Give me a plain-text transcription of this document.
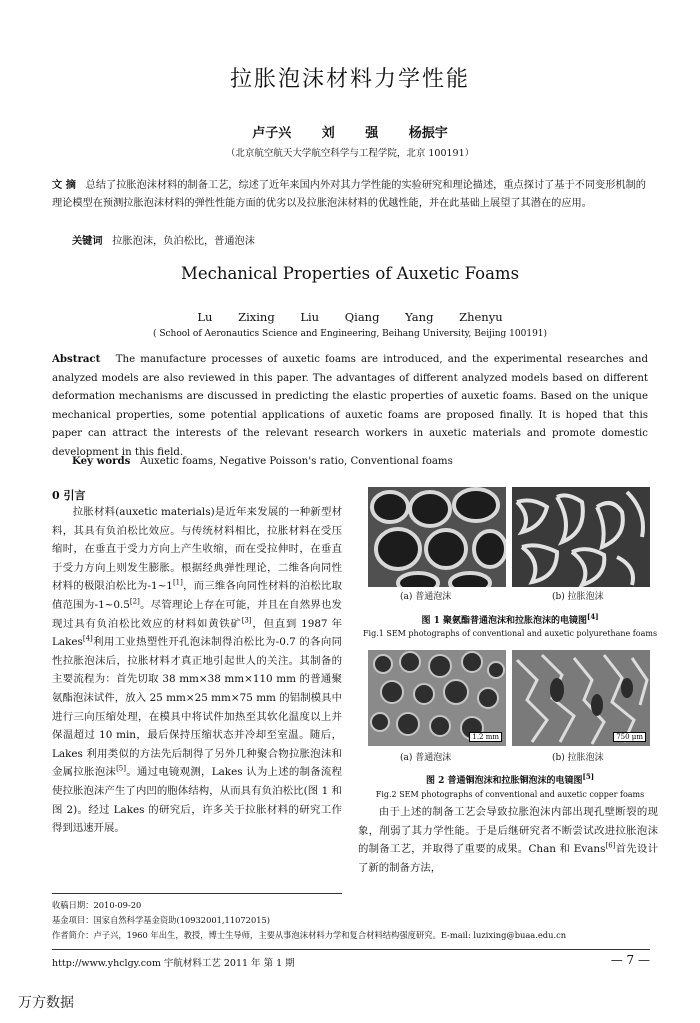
拉胀泡沫材料力学性能
卢子兴 刘 强 杨振宇
（北京航空航天大学航空科学与工程学院，北京 100191）
文 摘 总结了拉胀泡沫材料的制备工艺，综述了近年来国内外对其力学性能的实验研究和理论描述，重点探讨了基于不同变形机制的理论模型在预测拉胀泡沫材料的弹性性能方面的优劣以及拉胀泡沫材料的优越性能，并在此基础上展望了其潜在的应用。
关键词 拉胀泡沫，负泊松比，普通泡沫
Mechanical Properties of Auxetic Foams
Lu Zixing Liu Qiang Yang Zhenyu
( School of Aeronautics Science and Engineering, Beihang University, Beijing 100191)
Abstract The manufacture processes of auxetic foams are introduced, and the experimental researches and analyzed models are also reviewed in this paper. The advantages of different analyzed models based on different deformation mechanisms are discussed in predicting the elastic properties of auxetic foams. Based on the unique mechanical properties, some potential applications of auxetic foams are proposed finally. It is hoped that this paper can attract the interests of the relevant research workers in auxetic materials and promote domestic development in this field.
Key words Auxetic foams, Negative Poisson's ratio, Conventional foams
0 引言

拉胀材料(auxetic materials)是近年来发展的一种新型材料，其具有负泊松比效应。与传统材料相比，拉胀材料在受压缩时，在垂直于受力方向上产生收缩，而在受拉伸时，在垂直于受力方向上则发生膨胀。根据经典弹性理论，二维各向同性材料的极限泊松比为-1~1[1]，而三维各向同性材料的泊松比取值范围为-1~0.5[2]。尽管理论上存在可能，并且在自然界也发现过具有负泊松比效应的材料如黄铁矿[3]，但直到 1987 年 Lakes[4]利用工业热塑性开孔泡沫制得泊松比为-0.7 的各向同性拉胀泡沫后，拉胀材料才真正地引起世人的关注。其制备的主要流程为：首先切取 38 mm×38 mm×110 mm 的普通聚氨酯泡沫试件，放入 25 mm×25 mm×75 mm 的铝制模具中进行三向压缩处理，在模具中将试件加热至其软化温度以上并保温超过 10 min，最后保持压缩状态并冷却至室温。随后，Lakes 利用类似的方法先后制得了另外几种聚合物拉胀泡沫和金属拉胀泡沫[5]。通过电镜观测，Lakes 认为上述的制备流程使拉胀泡沫产生了内凹的胞体结构，从而具有负泊松比(图 1 和图 2)。经过 Lakes 的研究后，许多关于拉胀材料的研究工作得到迅速开展。

(a) 普通泡沫	(b) 拉胀泡沫
图 1 聚氨酯普通泡沫和拉胀泡沫的电镜图[4]
Fig.1 SEM photographs of conventional and auxetic polyurethane foams
1.2 mm	750 μm
(a) 普通泡沫	(b) 拉胀泡沫
图 2 普通铜泡沫和拉胀铜泡沫的电镜图[5]
Fig.2 SEM photographs of conventional and auxetic copper foams

由于上述的制备工艺会导致拉胀泡沫内部出现孔壁断裂的现象，削弱了其力学性能。于是后继研究者不断尝试改进拉胀泡沫的制备工艺，并取得了重要的成果。Chan 和 Evans[6]首先设计了新的制备方法，

收稿日期：2010-09-20
基金项目：国家自然科学基金资助(10932001,11072015)
作者简介：卢子兴，1960 年出生，教授，博士生导师，主要从事泡沫材料力学和复合材料结构强度研究。E-mail: luzixing@buaa.edu.cn
http://www.yhclgy.com 宇航材料工艺 2011 年 第 1 期	— 7 —
万方数据
